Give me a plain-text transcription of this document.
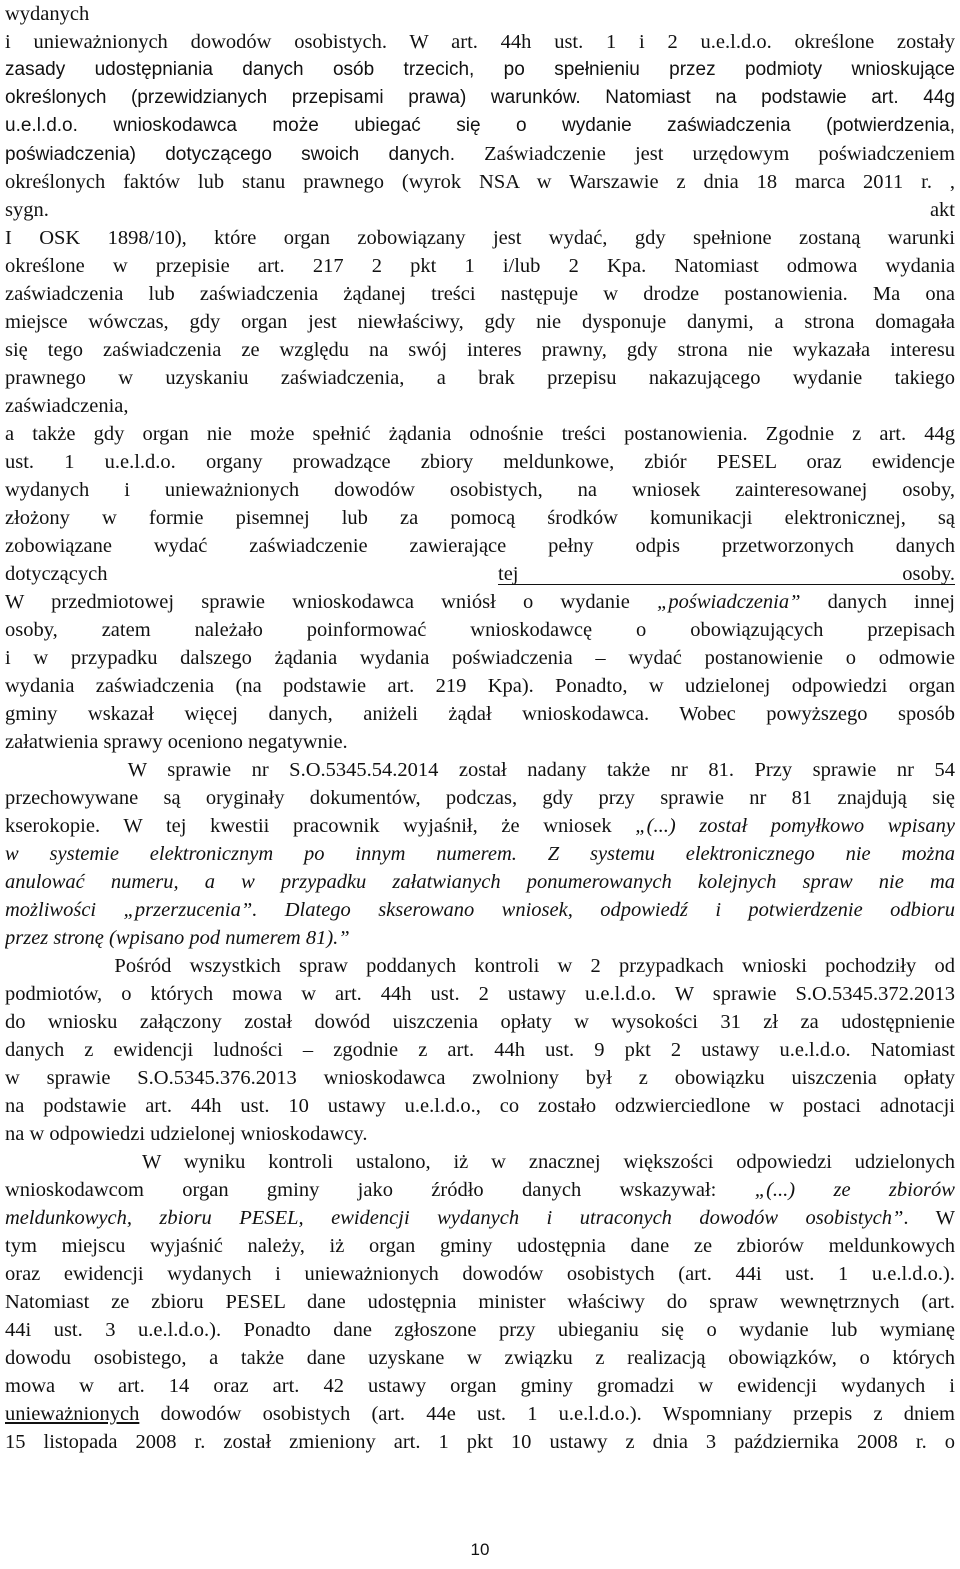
wydanych
i unieważnionych dowodów osobistych. W art. 44h ust. 1 i 2 u.e.l.d.o. określone zostały
zasady udostępniania danych osób trzecich, po spełnieniu przez podmioty wnioskujące
określonych (przewidzianych przepisami prawa) warunków. Natomiast na podstawie art. 44g
u.e.l.d.o. wnioskodawca może ubiegać się o wydanie zaświadczenia (potwierdzenia,
poświadczenia) dotyczącego swoich danych. Zaświadczenie jest urzędowym poświadczeniem
określonych faktów lub stanu prawnego (wyrok NSA w Warszawie z dnia 18 marca 2011 r. ,
sygn.	akt
I OSK 1898/10), które organ zobowiązany jest wydać, gdy spełnione zostaną warunki
określone w przepisie art. 217 2 pkt 1 i/lub 2 Kpa. Natomiast odmowa wydania
zaświadczenia lub zaświadczenia żądanej treści następuje w drodze postanowienia. Ma ona
miejsce wówczas, gdy organ jest niewłaściwy, gdy nie dysponuje danymi, a strona domagała
się tego zaświadczenia ze względu na swój interes prawny, gdy strona nie wykazała interesu
prawnego w uzyskaniu zaświadczenia, a brak przepisu nakazującego wydanie takiego
zaświadczenia,
a także gdy organ nie może spełnić żądania odnośnie treści postanowienia. Zgodnie z art. 44g
ust. 1 u.e.l.d.o. organy prowadzące zbiory meldunkowe, zbiór PESEL oraz ewidencje
wydanych i unieważnionych dowodów osobistych, na wniosek zainteresowanej osoby,
złożony w formie pisemnej lub za pomocą środków komunikacji elektronicznej, są
zobowiązane wydać zaświadczenie zawierające pełny odpis przetworzonych danych
dotyczących	tej	osoby.
W przedmiotowej sprawie wnioskodawca wniósł o wydanie „poświadczenia” danych innej
osoby, zatem należało poinformować wnioskodawcę o obowiązujących przepisach
i w przypadku dalszego żądania wydania poświadczenia – wydać postanowienie o odmowie
wydania zaświadczenia (na podstawie art. 219 Kpa). Ponadto, w udzielonej odpowiedzi organ
gminy wskazał więcej danych, aniżeli żądał wnioskodawca. Wobec powyższego sposób
załatwienia sprawy oceniono negatywnie.
W sprawie nr S.O.5345.54.2014 został nadany także nr 81. Przy sprawie nr 54
przechowywane są oryginały dokumentów, podczas, gdy przy sprawie nr 81 znajdują się
kserokopie. W tej kwestii pracownik wyjaśnił, że wniosek „(...) został pomyłkowo wpisany
w systemie elektronicznym po innym numerem. Z systemu elektronicznego nie można
anulować numeru, a w przypadku załatwianych ponumerowanych kolejnych spraw nie ma
możliwości „przerzucenia”. Dlatego skserowano wniosek, odpowiedź i potwierdzenie odbioru
przez stronę (wpisano pod numerem 81).”
Pośród wszystkich spraw poddanych kontroli w 2 przypadkach wnioski pochodziły od
podmiotów, o których mowa w art. 44h ust. 2 ustawy u.e.l.d.o. W sprawie S.O.5345.372.2013
do wniosku załączony został dowód uiszczenia opłaty w wysokości 31 zł za udostępnienie
danych z ewidencji ludności – zgodnie z art. 44h ust. 9 pkt 2 ustawy u.e.l.d.o. Natomiast
w sprawie S.O.5345.376.2013 wnioskodawca zwolniony był z obowiązku uiszczenia opłaty
na podstawie art. 44h ust. 10 ustawy u.e.l.d.o., co zostało odzwierciedlone w postaci adnotacji
na w odpowiedzi udzielonej wnioskodawcy.
W wyniku kontroli ustalono, iż w znacznej większości odpowiedzi udzielonych
wnioskodawcom organ gminy jako źródło danych wskazywał: „(...) ze zbiorów
meldunkowych, zbioru PESEL, ewidencji wydanych i utraconych dowodów osobistych”. W
tym miejscu wyjaśnić należy, iż organ gminy udostępnia dane ze zbiorów meldunkowych
oraz ewidencji wydanych i unieważnionych dowodów osobistych (art. 44i ust. 1 u.e.l.d.o.).
Natomiast ze zbioru PESEL dane udostępnia minister właściwy do spraw wewnętrznych (art.
44i ust. 3 u.e.l.d.o.). Ponadto dane zgłoszone przy ubieganiu się o wydanie lub wymianę
dowodu osobistego, a także dane uzyskane w związku z realizacją obowiązków, o których
mowa w art. 14 oraz art. 42 ustawy organ gminy gromadzi w ewidencji wydanych i
unieważnionych dowodów osobistych (art. 44e ust. 1 u.e.l.d.o.). Wspomniany przepis z dniem
15 listopada 2008 r. został zmieniony art. 1 pkt 10 ustawy z dnia 3 października 2008 r. o
10
